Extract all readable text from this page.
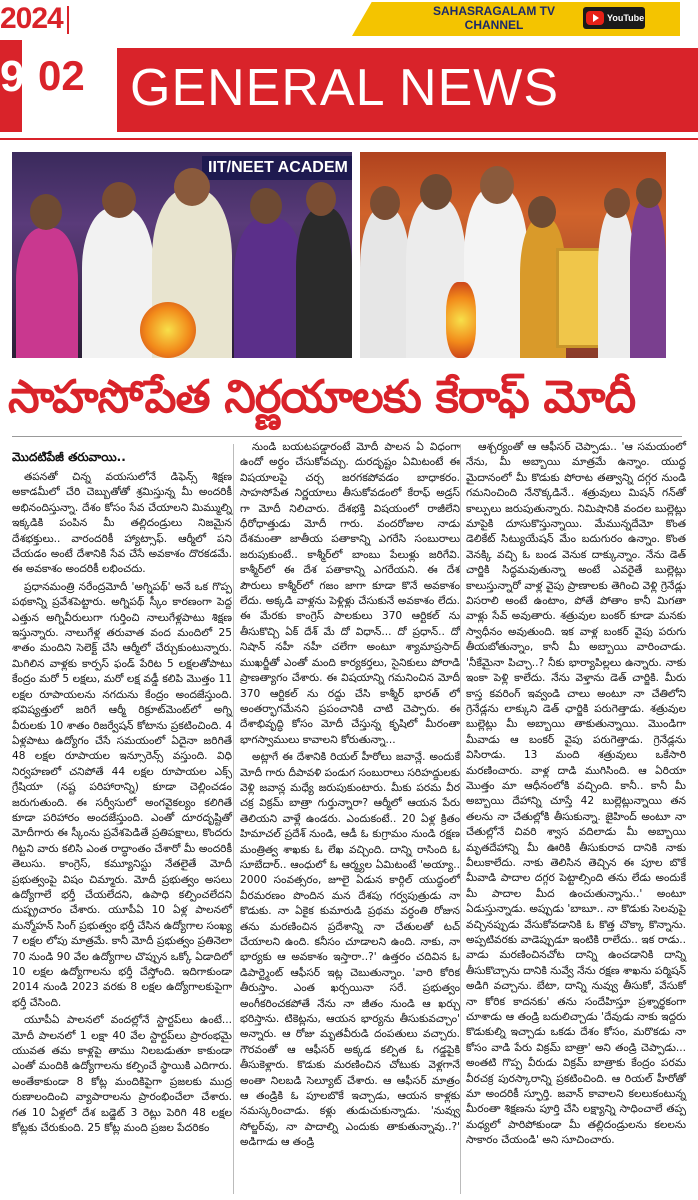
2024	SAHASRAGALAM TV CHANNEL	YouTube
9 02 GENERAL NEWS
IIT/NEET ACADEM
సాహసోపేత నిర్ణయాలకు కేరాఫ్ మోదీ
మొదటిపేజీ తరువాయి..

తపనతో చిన్న వయసులోనే డిఫెన్స్ శిక్షణ అకాడమీలో చేరి చెబ్బుతోతో శ్రమిస్తున్న మీ అందరికీ అభినందిస్తున్నా. దేశం కోసం సేవ చేయాలని మిమ్ముల్ని ఇక్కడికి పంపిన మీ తల్లిదండ్రులు నిజమైన దేశభక్తులు.. వారందరికీ హ్యాట్సాఫ్. ఆర్మీలో పని చేయడం అంటే దేశానికి సేవ చేసే అవకాశం దొరకడమే. ఈ అవకాశం అందరికీ లభించదు.

ప్రధానమంత్రి నరేంద్రమోదీ 'అగ్నిపథ్' అనే ఒక గొప్ప పథకాన్ని ప్రవేశపెట్టారు. అగ్నిపథ్ స్కీం కారణంగా పెద్ద ఎత్తున అగ్నివీరులుగా గుర్తించి నాలుగేళ్లపాటు శిక్షణ ఇస్తున్నారు. నాలుగేళ్ల తరువాత వంద మందిలో 25 శాతం మందిని సెలెక్ట్ చేసి ఆర్మీలో చేర్చుకుంటున్నారు. మిగిలిన వాళ్లకు కార్పస్ ఫండ్ పేరిట 5 లక్షలతోపాటు కేంద్రం మరో 5 లక్షలు, మరో లక్ష వడ్డీ కలిపి మొత్తం 11 లక్షల రూపాయలను నగదును కేంద్రం అందజేస్తుంది. భవిష్యత్తులో జరిగే ఆర్మీ రిక్రూట్‌మెంట్‌లో అగ్ని వీరులకు 10 శాతం రిజర్వేషన్ కోటాను ప్రకటించింది. 4 ఏళ్లపాటు ఉద్యోగం చేసే సమయంలో ఏదైనా జరిగితే 48 లక్షల రూపాయల ఇన్సూరెన్స్ వస్తుంది. విధి నిర్వహణలో చనిపోతే 44 లక్షల రూపాయల ఎక్స్ గ్రేషియా (నష్ట పరిహారాన్ని) కూడా చెల్లించడం జరుగుతుంది. ఈ సర్వీసులో అంగవైకల్యం కలిగితే కూడా పరిహారం అందజేస్తుంది. ఎంతో దూరదృష్టితో మోదీగారు ఈ స్కీంను ప్రవేశపెడితే ప్రతిపక్షాలు, కొందరు గిట్టని వారు కలిసి ఎంత రాద్ధాంతం చేశారో మీ అందరికీ తెలుసు. కాంగ్రెస్, కమ్యూనిస్టు నేతలైతే మోదీ ప్రభుత్వంపై విషం చిమ్మారు. మోదీ ప్రభుత్వం అసలు ఉద్యోగాలే భర్తీ చేయలేదని, ఉపాధి కల్పించలేదని దుష్ప్రచారం చేశారు. యూపీఏ 10 ఏళ్ల పాలనలో మన్మోహన్ సింగ్ ప్రభుత్వం భర్తీ చేసిన ఉద్యోగాల సంఖ్య 7 లక్షల లోపు మాత్రమే. కానీ మోదీ ప్రభుత్వం ప్రతినెలా 70 నుండి 90 వేల ఉద్యోగాల చొప్పున ఒక్కో ఏడాదిలో 10 లక్షల ఉద్యోగాలను భర్తీ చేస్తోంది. ఇదిగాకుండా 2014 నుండి 2023 వరకు 8 లక్షల ఉద్యోగాలకుపైగా భర్తీ చేసింది.

యూపీఏ పాలనలో వందల్లోనే స్టార్టప్‌లు ఉంటే... మోదీ పాలనలో 1 లక్షా 40 వేల స్టార్టప్‌లు ప్రారంభమై యువత తమ కాళ్లపై తాము నిలబడుతూ కాకుండా ఎంతో మందికి ఉద్యోగాలను కల్పించే స్థాయికి ఎదిగారు. అంతేకాకుండా 8 కోట్ల మందికిపైగా ప్రజలకు ముద్ర రుణాలందించి వ్యాపారాలను ప్రారంభించేలా చేశారు. గత 10 ఏళ్లలో దేశ బడ్జెట్ 3 రెట్లు పెరిగి 48 లక్షల కోట్లకు చేరుకుంది. 25 కోట్ల మంది ప్రజల పేదరికం

నుండి బయటపడ్డారంటే మోదీ పాలన ఏ విధంగా ఉందో అర్ధం చేసుకోవచ్చు. దురదృష్టం ఏమిటంటే ఈ విషయాలపై చర్చ జరగకపోవడం బాధాకరం. సాహసోపేత నిర్ణయాలు తీసుకోవడంలో కేరాఫ్ అడ్రస్ గా మోదీ నిలిచారు. దేశభక్తి విషయంలో రాజీలేని ధీరోధాత్తుడు మోదీ గారు. వందరోజుల నాడు దేశమంతా జాతీయ పతాకాన్ని ఎగరేసి సంబురాలు జరుపుకుంటే.. కాశ్మీర్‌లో బాంబు పేలుళ్లు జరిగేవి. కాశ్మీర్‌లో ఈ దేశ పతాకాన్ని ఎగరేయని. ఈ దేశ పౌరులు కాశ్మీర్‌లో గజం జాగా కూడా కొనే అవకాశం లేదు. అక్కడి వాళ్లను పెళ్లిళ్లు చేసుకునే అవకాశం లేదు. ఈ మేరకు కాంగ్రెస్ పాలకులు 370 ఆర్టికల్ ను తీసుకొచ్చి ఏక్ దేశ్ మే దో విధాన్... దో ప్రధాన్.. దో నిషాన్ నహీ నహీ చలేగా అంటూ శ్యామాప్రసాద్ ముఖర్జీతో ఎంతో మంది కార్యకర్తలు, సైనికులు పోరాడి ప్రాణత్యాగం చేశారు. ఈ విషయాన్ని గమనించిన మోదీ 370 ఆర్టికల్ ను రద్దు చేసి కాశ్మీర్ భారత్ లో అంతర్భాగమేనని ప్రపంచానికి చాటి చెప్పారు. ఈ దేశాభివృద్ధి కోసం మోదీ చేస్తున్న కృషిలో మీరంతా భాగస్వాములు కావాలని కోరుతున్నా...

అట్లాగే ఈ దేశానికి రియల్ హీరోలు జవాన్లే. అందుకే మోదీ గారు దీపావళి పండుగ సంబురాలు సరిహద్దులకు వెళ్లి జవాన్ల మధ్యే జరుపుకుంటారు. మీకు పరమ వీర చక్ర విక్రమ్ బాత్రా గుర్తున్నారా? ఆర్మీలో ఆయన పేరు తెలియని వాళ్లే ఉండరు. ఎందుకంటే.. 20 ఏళ్ల క్రితం హిమాచల్ ప్రదేశ్ నుండి, ఆడీ ఓ కుగ్రామం నుండి రక్షణ మంత్రిత్వ శాఖకు ఓ లేఖ వచ్చింది. దాన్ని రాసింది ఓ సూబేదార్.. ఆంధులో ఓ ఆర్మ్యల ఏమిటంటే 'అయ్యా.. 2000 సంవత్సరం, జూలై ఏడున కార్గిల్ యుద్ధంలో వీరమరణం పొందిన మన దేశపు గర్వపుత్రుడు నా కొడుకు. నా ఏకైక కుమారుడి ప్రథమ వర్ధంతి రోజున తను మరణించిన ప్రదేశాన్ని నా చేతులతో టచ్ చేయాలని ఉంది. కనీసం చూడాలని ఉంది. నాకు, నా భార్యకు ఆ అవకాశం ఇస్తారా..?' ఉత్తరం చదివిన ఓ డిపార్ట్మెంట్ ఆఫీసర్ ఇట్ల చెబుతున్నాం. 'వారి కోరిక తీరుస్తాం. ఎంత ఖర్చయినా సరే. ప్రభుత్వం అంగీకరించకపోతే నేను నా జీతం నుండి ఆ ఖర్చు భరిస్తాను. టికెట్లను, ఆయన భార్యను తీసుకువచ్చాం' అన్నారు. ఆ రోజు మృతవీరుడి దంపతులు వచ్చారు. గౌరవంతో ఆ ఆఫీసర్ అక్కడ కల్పిత ఓ గడ్డపైకి తీసుకెళ్లారు. కొడుకు మరణించిన చోటుకు వెళ్లగానే అంతా నిలబడి సెల్యూట్ చేశారు. ఆ ఆఫీసర్ మాత్రం ఆ తండ్రికి ఓ పూలబొకే ఇచ్చాడు, ఆయన కాళ్లకు నమస్కరించాడు. కళ్లు తుడుచుకున్నాడు. 'నువ్వు సోల్జర్‌వు, నా పాదాల్ని ఎందుకు తాకుతున్నావు..?' అడిగాడు ఆ తండ్రి

ఆశ్చర్యంతో ఆ ఆఫీసర్ చెప్పాడు.. 'ఆ సమయంలో నేను, మీ అబ్బాయి మాత్రమే ఉన్నాం. యుద్ధ మైదానంలో మీ కొడుకు పోరాట తత్వాన్ని దగ్గర నుండి గమనించింది నేనొక్కడినే.. శత్రువులు మిషన్ గన్‌తో కాల్పులు జరుపుతున్నారు. నిమిషానికి వందల బుల్లెట్లు మాపైకి దూసుకొస్తున్నాయి. మేమున్నదేమో కొంత డెలికేట్ సిట్యుయేషన్‌ మేం బదుగురం ఉన్నాం. కొంత వెనక్కి వచ్చి ఓ బండ వెనుక దాక్కున్నాం. నేను డెత్ చార్జికి సిద్ధమవుతున్నా అంటే ఎవరైతే బుల్లెట్లు కాలుస్తున్నారో వాళ్ల వైపు ప్రాణాలకు తెగించి వెళ్లి గ్రెనేడ్లు విసరాలి అంటే ఉంటాం, పోతే పోతాం కానీ మిగతా వాళ్లు సేవ్ అవుతారు. శత్రువుల బంకర్ కూడా మనకు స్వాధీనం అవుతుంది. ఇక వాళ్ల బంకర్ వైపు పరుగు తీయబోతున్నాం, కానీ మీ అబ్బాయి వారించాడు. 'నీకేమైనా పిచ్చా..? నీకు భార్యాపిల్లలు ఉన్నారు. నాకు ఇంకా పెళ్లి కాలేదు. నేను వెళ్తాను డెత్ చార్జికి. మీరు కాస్త కవరింగ్ ఇవ్వండి చాలు అంటూ నా చేతిలోని గ్రెనేడ్లను లాక్కుని డెత్ ఛార్జికి పరుగెత్తాడు. శత్రువుల బుల్లెట్లు మీ అబ్బాయి తాకుతున్నాయి. మొండిగా మీవాడు ఆ బంకర్ వైపు పరుగెత్తాడు. గ్రెనేడ్లను విసిరాడు. 13 మంది శత్రువులు ఒకేసారి మరణించారు. వాళ్ల దాడి ముగిసింది. ఆ ఏరియా మొత్తం మా ఆధీనంలోకి వచ్చింది. కానీ.. కానీ మీ అబ్బాయి దేహాన్ని చూస్తే 42 బుల్లెట్లున్నాయి తన తలను నా చేతుల్లోకి తీసుకున్నా. జైహింద్ అంటూ నా చేతుల్లోనే చివరి శ్వాస వదిలాడు మీ అబ్బాయి మృతదేహాన్ని మీ ఊరికి తీసుకురావ దానికి నాకు వీలుకాలేదు. నాకు తెలిసిన తెచ్చిన ఈ పూల బొకే మీవాడి పాదాల దగ్గర పెట్టాల్సింది తను లేడు అందుకే మీ పాదాల మీద ఉంచుతున్నాను..' అంటూ ఏడుస్తున్నాడు. అప్పుడు 'బాబూ.. నా కొడుకు సెలవుపై వచ్చినప్పుడు వేసుకోవడానికి ఓ కొత్త చొక్కా కొన్నాను. అప్పటివరకు వాడెప్పుడూ ఇంటికి రాలేదు.. ఇక రాడు.. వాడు మరణించినచోట దాన్ని ఉంచడానికి దాన్ని తీసుకొచ్చాను దానికి నువ్వే నేను రక్షణ శాఖను పర్మిషన్ అడిగి వచ్చాను. బేటా, దాన్ని నువ్వు తీసుకో, వేసుకో నా కోరిక కాదనకు' తను సందేహిస్తూ ప్రశ్నార్థకంగా చూశాడు ఆ తండ్రి బదులిచ్చాడు 'దేవుడు నాకు ఇద్దరు కొడుకుల్ని ఇచ్చాడు ఒకడు దేశం కోసం, మరొకడు నా కోసం వాడి పేరు విక్రమ్ బాత్రా' అని తండ్రి చెప్పాడు... అంతటి గొప్ప వీరుడు విక్రమ్ బాత్రాకు కేంద్రం పరమ వీరచక్ర పురస్కారాన్ని ప్రకటించింది. ఆ రియల్ హీరోతో మా అందరికీ స్ఫూర్తి. జవాన్ కావాలని కలలుకంటున్న మీరంతా శిక్షణను పూర్తి చేసి లక్ష్యాన్ని సాధించాలే తప్ప మధ్యలో పారిపోకుండా మీ తల్లిదండ్రులను కలలను సాకారం చేయండి' అని సూచించారు.
